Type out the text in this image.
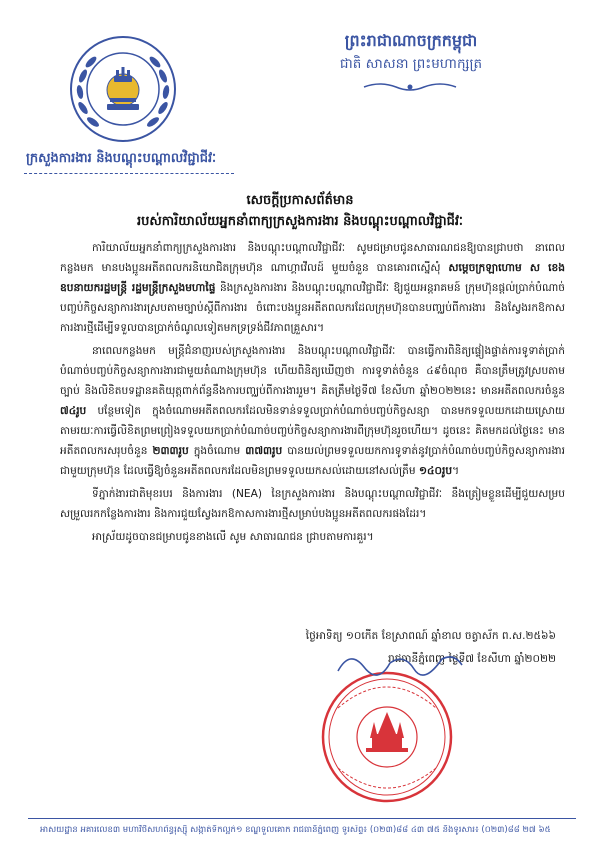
ព្រះរាជាណាចក្រកម្ពុជា
ជាតិ សាសនា ព្រះមហាក្សត្រ
ក្រសួងការងារ និងបណ្តុះបណ្តាលវិជ្ជាជីវៈ
សេចក្តីប្រកាសព័ត៌មាន
របស់ការិយាល័យអ្នកនាំពាក្យក្រសួងការងារ និងបណ្តុះបណ្តាលវិជ្ជាជីវៈ

ការិយាល័យអ្នកនាំពាក្យក្រសួងការងារ និងបណ្តុះបណ្តាលវិជ្ជាជីវៈ សូមជម្រាបជូនសាធារណជនឱ្យបានជ្រាបថា នាពេលកន្លងមក មានបងប្អូនអតីតពលករនិយោជិតក្រុមហ៊ុន ណាហ្គាវើលដ៍ មួយចំនួន បានគោរពស្នើសុំ សម្តេចក្រឡាហោម ស ខេង ឧបនាយករដ្ឋមន្ត្រី រដ្ឋមន្ត្រីក្រសួងមហាផ្ទៃ និងក្រសួងការងារ និងបណ្តុះបណ្តាលវិជ្ជាជីវៈ ឱ្យជួយអន្តរាគមន៍ ក្រុមហ៊ុនផ្តល់ប្រាក់បំណាច់បញ្ចប់កិច្ចសន្យាការងារស្របតាមច្បាប់ស្តីពីការងារ ចំពោះបងប្អូនអតីតពលករដែលក្រុមហ៊ុនបានបញ្ឈប់ពីការងារ និងស្វែងរកឱកាសការងារថ្មីដើម្បីទទួលបានប្រាក់ចំណូលទៀតមកទ្រទ្រង់ជីវភាពគ្រួសារ។

នាពេលកន្លងមក មន្ត្រីជំនាញរបស់ក្រសួងការងារ និងបណ្តុះបណ្តាលវិជ្ជាជីវៈ បានធ្វើការពិនិត្យផ្ទៀងផ្ទាត់ការទូទាត់ប្រាក់បំណាច់បញ្ចប់កិច្ចសន្យាការងារជាមួយតំណាងក្រុមហ៊ុន ហើយពិនិត្យឃើញថា ការទូទាត់ចំនួន ៤៩ចំណុច គឺបានត្រឹមត្រូវស្របតាមច្បាប់ និងលិខិតបទដ្ឋានគតិយុត្តពាក់ព័ន្ធនឹងការបញ្ឈប់ពីការងាររួម។ គិតត្រឹមថ្ងៃទី៧ ខែសីហា ឆ្នាំ២០២២នេះ មានអតីតពលករចំនួន ៧៤រូប បន្ថែមទៀត ក្នុងចំណោមអតីតពលករដែលមិនទាន់ទទួលប្រាក់បំណាច់បញ្ចប់កិច្ចសន្យា បានមកទទួលយកដោយស្រោយតាមរយៈការធ្វើលិខិតព្រមព្រៀងទទួលយកប្រាក់បំណាច់បញ្ចប់កិច្ចសន្យាការងារពីក្រុមហ៊ុនរួចហើយ។ ដូចនេះ គិតមកដល់ថ្ងៃនេះ មានអតីតពលករសរុបចំនួន ២៣៣រូប ក្នុងចំណោម ៣៧៣រូប បានយល់ព្រមទទួលយកការទូទាត់នូវប្រាក់បំណាច់បញ្ចប់កិច្ចសន្យាការងារជាមួយក្រុមហ៊ុន ដែលធ្វើឱ្យចំនួនអតីតពលករដែលមិនព្រមទទួលយកសល់ដោយនៅសល់ត្រឹម ១៤០រូប។

ទីភ្នាក់ងារជាតិមុខរបរ និងការងារ (NEA) នៃក្រសួងការងារ និងបណ្តុះបណ្តាលវិជ្ជាជីវៈ នឹងត្រៀមខ្លួនដើម្បីជួយសម្របសម្រួលរកកន្លែងការងារ និងការជួយស្វែងរកឱកាសការងារថ្មីសម្រាប់បងប្អូនអតីតពលករផងដែរ។

អាស្រ័យដូចបានជម្រាបជូនខាងលើ សូម សាធារណជន ជ្រាបតាមការគួរ។

ថ្ងៃអាទិត្យ ១០កើត ខែស្រាពណ៍ ឆ្នាំខាល ចត្វាស័ក ព.ស.២៥៦៦
រាជធានីភ្នំពេញ ថ្ងៃទី៧ ខែសីហា ឆ្នាំ២០២២
អាសយដ្ឋាន អគារលេខ៣ មហាវិថីសហព័ន្ធរុស្ស៊ី សង្កាត់ទឹកល្អក់១ ខណ្ឌទួលគោក រាជធានីភ្នំពេញ ទូរស័ព្ទ៖ (០២៣)៨៨ ៤៣ ៧៥ និងទូរសារ៖ (០២៣)៨៨ ២៧ ៦៥
